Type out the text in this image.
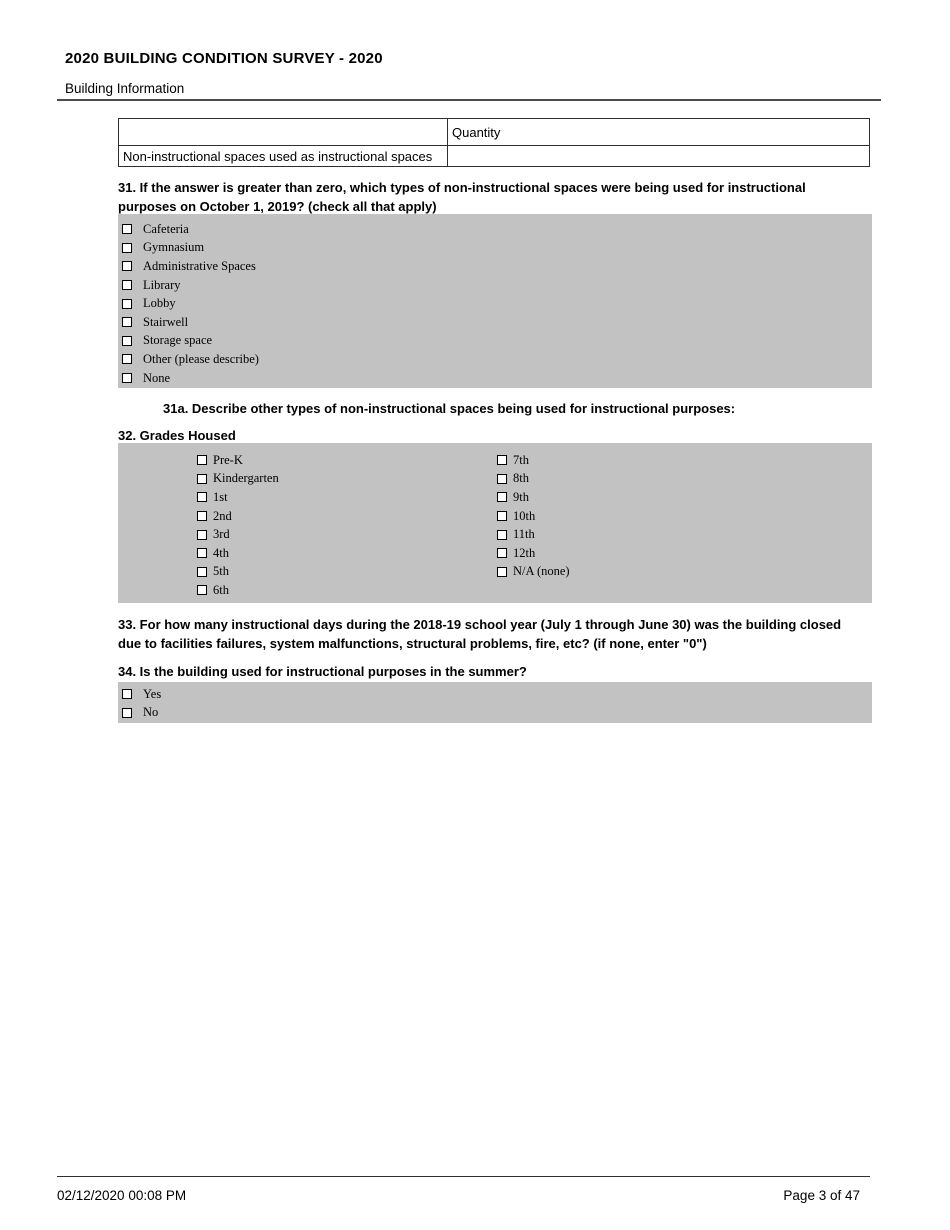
2020 BUILDING CONDITION SURVEY - 2020
Building Information
	Quantity
Non-instructional spaces used as instructional spaces	
31. If the answer is greater than zero, which types of non-instructional spaces were being used for instructional purposes on October 1, 2019? (check all that apply)
Cafeteria
Gymnasium
Administrative Spaces
Library
Lobby
Stairwell
Storage space
Other (please describe)
None
31a. Describe other types of non-instructional spaces being used for instructional purposes:
32. Grades Housed
Pre-K
Kindergarten
1st
2nd
3rd
4th
5th
6th
7th
8th
9th
10th
11th
12th
N/A (none)
33. For how many instructional days during the 2018-19 school year (July 1 through June 30) was the building closed due to facilities failures, system malfunctions, structural problems, fire, etc? (if none, enter "0")
34. Is the building used for instructional purposes in the summer?
Yes
No
02/12/2020 00:08 PM	Page 3 of 47
